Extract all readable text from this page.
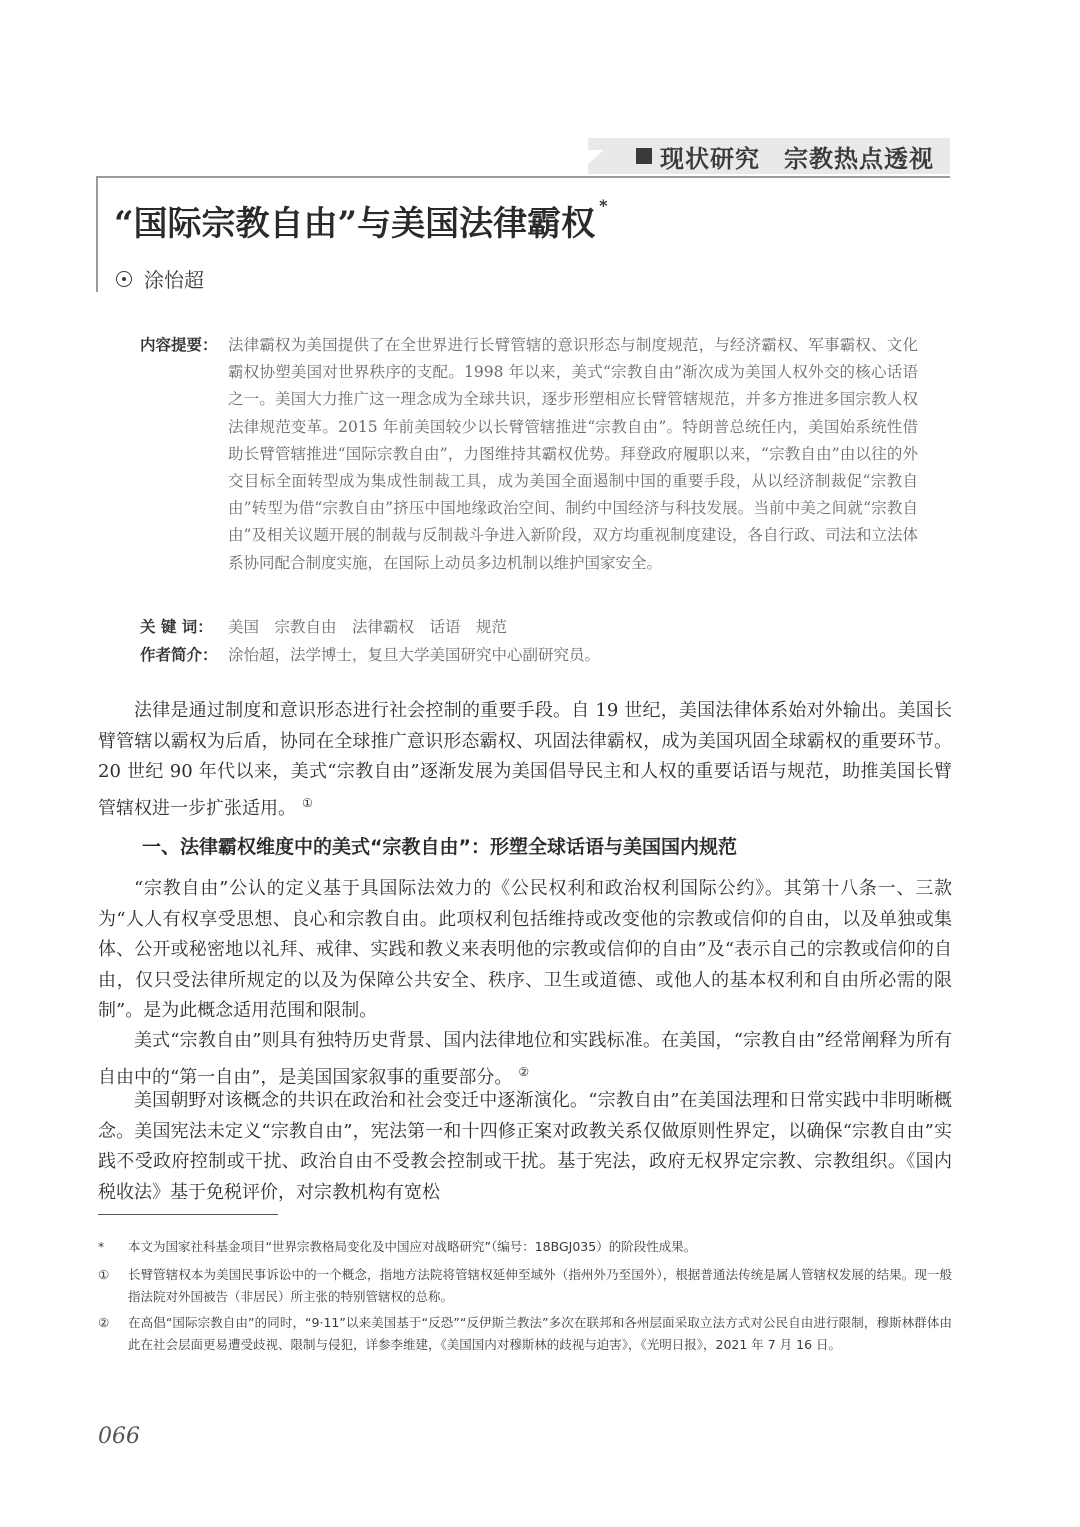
现状研究 宗教热点透视
“国际宗教自由”与美国法律霸权 *
涂怡超
内容提要： 法律霸权为美国提供了在全世界进行长臂管辖的意识形态与制度规范，与经济霸权、军事霸权、文化霸权协塑美国对世界秩序的支配。1998 年以来，美式“宗教自由”渐次成为美国人权外交的核心话语之一。美国大力推广这一理念成为全球共识，逐步形塑相应长臂管辖规范，并多方推进多国宗教人权法律规范变革。2015 年前美国较少以长臂管辖推进“宗教自由”。特朗普总统任内，美国始系统性借助长臂管辖推进“国际宗教自由”，力图维持其霸权优势。拜登政府履职以来，“宗教自由”由以往的外交目标全面转型成为集成性制裁工具，成为美国全面遏制中国的重要手段，从以经济制裁促“宗教自由”转型为借“宗教自由”挤压中国地缘政治空间、制约中国经济与科技发展。当前中美之间就“宗教自由”及相关议题开展的制裁与反制裁斗争进入新阶段，双方均重视制度建设，各自行政、司法和立法体系协同配合制度实施，在国际上动员多边机制以维护国家安全。
关 键 词： 美国　宗教自由　法律霸权　话语　规范
作者简介： 涂怡超，法学博士，复旦大学美国研究中心副研究员。

法律是通过制度和意识形态进行社会控制的重要手段。自 19 世纪，美国法律体系始对外输出。美国长臂管辖以霸权为后盾，协同在全球推广意识形态霸权、巩固法律霸权，成为美国巩固全球霸权的重要环节。20 世纪 90 年代以来，美式“宗教自由”逐渐发展为美国倡导民主和人权的重要话语与规范，助推美国长臂管辖权进一步扩张适用。 ①

一、法律霸权维度中的美式“宗教自由”：形塑全球话语与美国国内规范

“宗教自由”公认的定义基于具国际法效力的《公民权利和政治权利国际公约》。其第十八条一、三款为“人人有权享受思想、良心和宗教自由。此项权利包括维持或改变他的宗教或信仰的自由，以及单独或集体、公开或秘密地以礼拜、戒律、实践和教义来表明他的宗教或信仰的自由”及“表示自己的宗教或信仰的自由，仅只受法律所规定的以及为保障公共安全、秩序、卫生或道德、或他人的基本权利和自由所必需的限制”。是为此概念适用范围和限制。

美式“宗教自由”则具有独特历史背景、国内法律地位和实践标准。在美国，“宗教自由”经常阐释为所有自由中的“第一自由”，是美国国家叙事的重要部分。 ②

美国朝野对该概念的共识在政治和社会变迁中逐渐演化。“宗教自由”在美国法理和日常实践中非明晰概念。美国宪法未定义“宗教自由”，宪法第一和十四修正案对政教关系仅做原则性界定，以确保“宗教自由”实践不受政府控制或干扰、政治自由不受教会控制或干扰。基于宪法，政府无权界定宗教、宗教组织。《国内税收法》基于免税评价，对宗教机构有宽松

*	本文为国家社科基金项目“世界宗教格局变化及中国应对战略研究”（编号：18BGJ035）的阶段性成果。
①	长臂管辖权本为美国民事诉讼中的一个概念，指地方法院将管辖权延伸至域外（指州外乃至国外），根据普通法传统是属人管辖权发展的结果。现一般指法院对外国被告（非居民）所主张的特别管辖权的总称。
②	在高倡“国际宗教自由”的同时，“9·11”以来美国基于“反恐”“反伊斯兰教法”多次在联邦和各州层面采取立法方式对公民自由进行限制，穆斯林群体由此在社会层面更易遭受歧视、限制与侵犯，详参李维建，《美国国内对穆斯林的歧视与迫害》，《光明日报》，2021 年 7 月 16 日。
066
